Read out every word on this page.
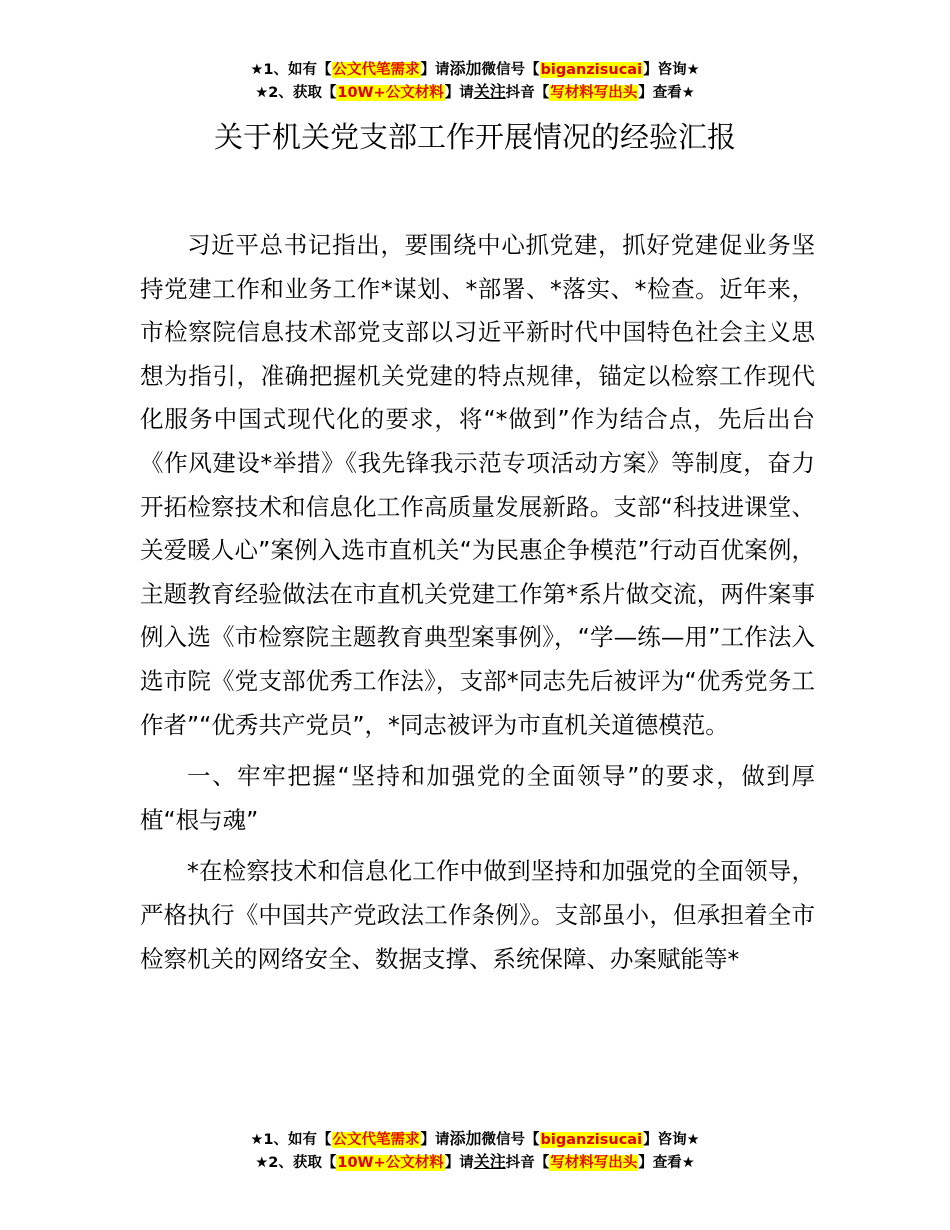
★1、如有【公文代笔需求】请添加微信号【biganzisucai】咨询★
★2、获取【10W+公文材料】请关注抖音【写材料写出头】查看★
关于机关党支部工作开展情况的经验汇报

习近平总书记指出，要围绕中心抓党建，抓好党建促业务坚持党建工作和业务工作*谋划、*部署、*落实、*检查。近年来，市检察院信息技术部党支部以习近平新时代中国特色社会主义思想为指引，准确把握机关党建的特点规律，锚定以检察工作现代化服务中国式现代化的要求，将“*做到”作为结合点，先后出台《作风建设*举措》《我先锋我示范专项活动方案》等制度，奋力开拓检察技术和信息化工作高质量发展新路。支部“科技进课堂、关爱暖人心”案例入选市直机关“为民惠企争模范”行动百优案例，主题教育经验做法在市直机关党建工作第*系片做交流，两件案事例入选《市检察院主题教育典型案事例》，“学—练—用”工作法入选市院《党支部优秀工作法》，支部*同志先后被评为“优秀党务工作者”“优秀共产党员”，*同志被评为市直机关道德模范。

一、牢牢把握“坚持和加强党的全面领导”的要求，做到厚植“根与魂”

*在检察技术和信息化工作中做到坚持和加强党的全面领导，严格执行《中国共产党政法工作条例》。支部虽小，但承担着全市检察机关的网络安全、数据支撑、系统保障、办案赋能等*

★1、如有【公文代笔需求】请添加微信号【biganzisucai】咨询★
★2、获取【10W+公文材料】请关注抖音【写材料写出头】查看★
